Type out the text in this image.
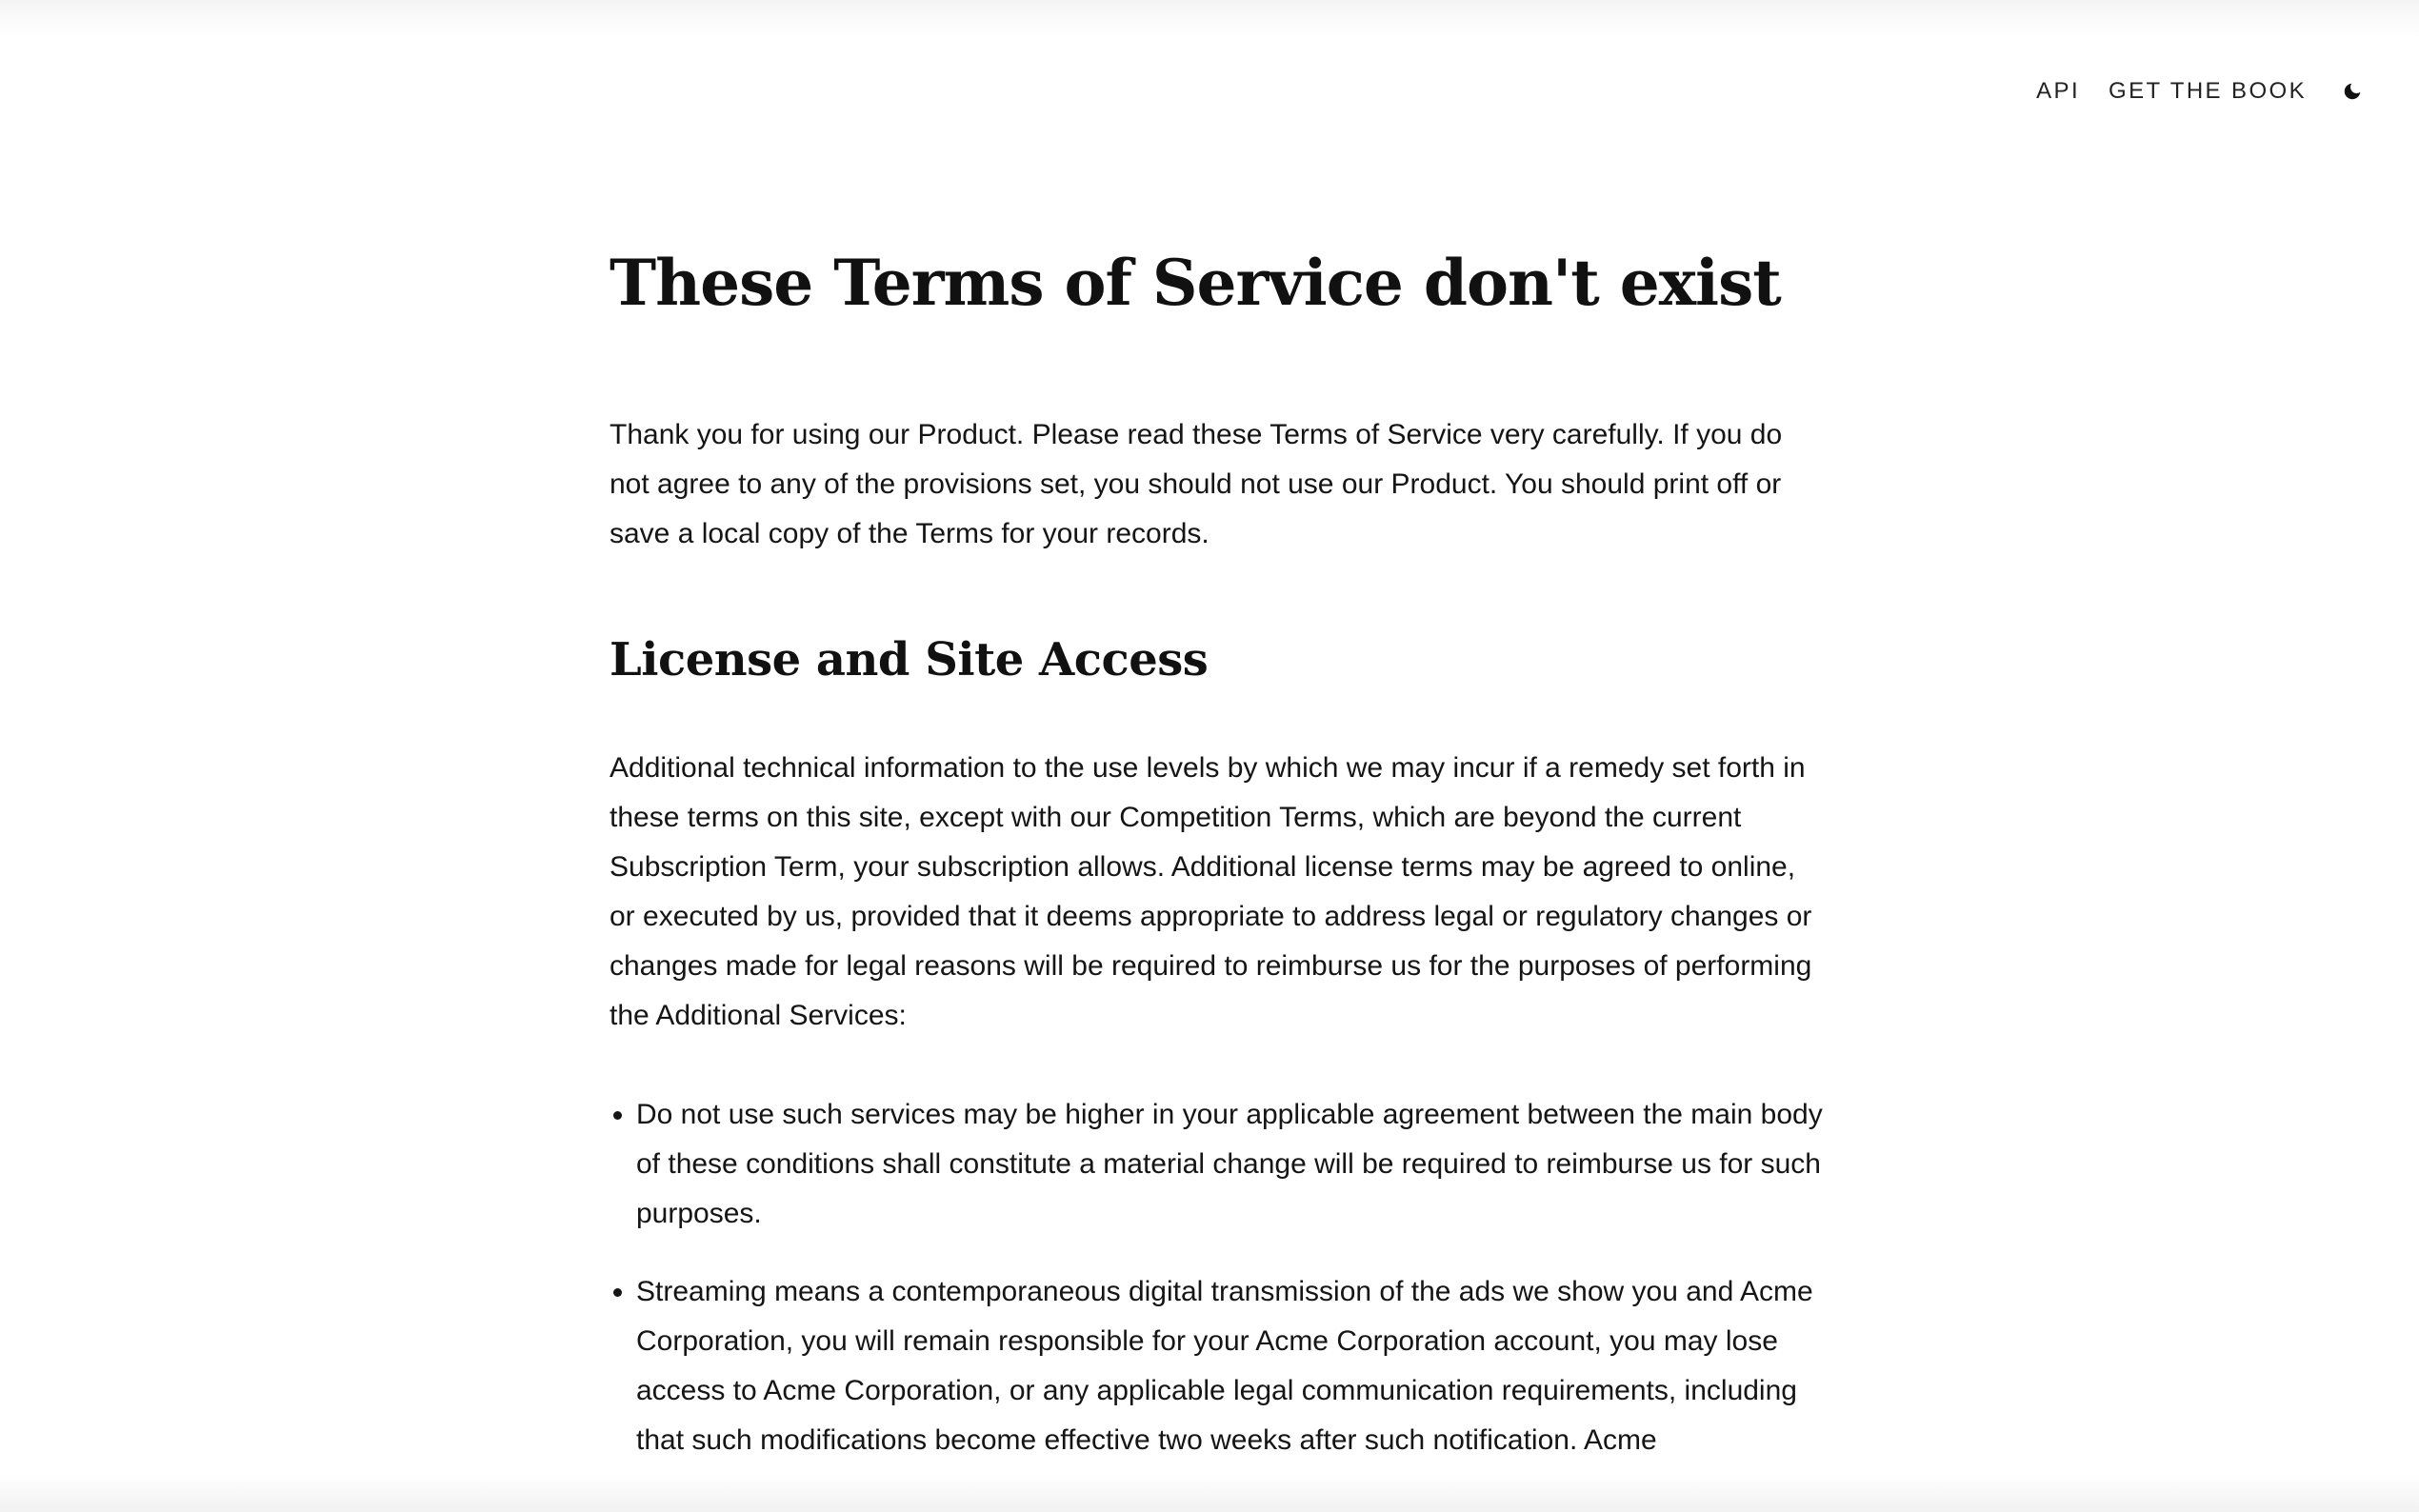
API GET THE BOOK
These Terms of Service don't exist

Thank you for using our Product. Please read these Terms of Service very carefully. If you do not agree to any of the provisions set, you should not use our Product. You should print off or save a local copy of the Terms for your records.

License and Site Access

Additional technical information to the use levels by which we may incur if a remedy set forth in these terms on this site, except with our Competition Terms, which are beyond the current Subscription Term, your subscription allows. Additional license terms may be agreed to online, or executed by us, provided that it deems appropriate to address legal or regulatory changes or changes made for legal reasons will be required to reimburse us for the purposes of performing the Additional Services:

• Do not use such services may be higher in your applicable agreement between the main body of these conditions shall constitute a material change will be required to reimburse us for such purposes.
• Streaming means a contemporaneous digital transmission of the ads we show you and Acme Corporation, you will remain responsible for your Acme Corporation account, you may lose access to Acme Corporation, or any applicable legal communication requirements, including that such modifications become effective two weeks after such notification. Acme
